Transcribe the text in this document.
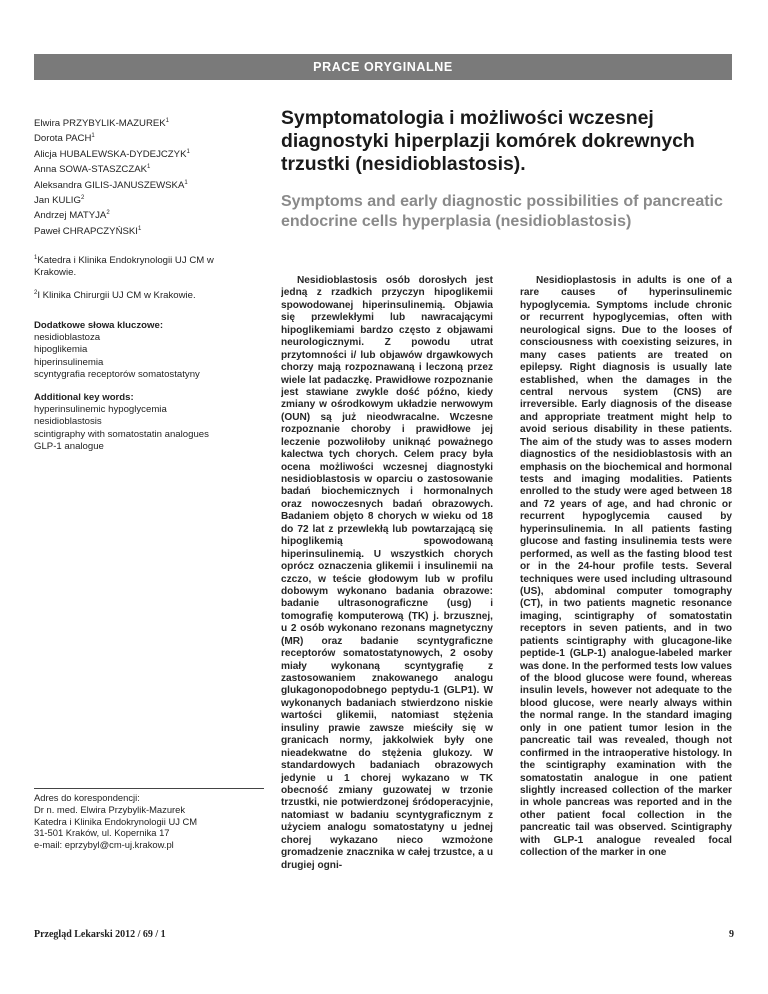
PRACE ORYGINALNE
Elwira PRZYBYLIK-MAZUREK$^1$
Dorota PACH$^1$
Alicja HUBALEWSKA-DYDEJCZYK$^1$
Anna SOWA-STASZCZAK$^1$
Aleksandra GILIS-JANUSZEWSKA$^1$
Jan KULIG$^2$
Andrzej MATYJA$^2$
Paweł CHRAPCZYŃSKI$^1$
Symptomatologia i możliwości wczesnej diagnostyki hiperplazji komórek dokrewnych trzustki (nesidioblastosis).
Symptoms and early diagnostic possibilities of pancreatic endocrine cells hyperplasia (nesidioblastosis)
$^1$Katedra i Klinika Endokrynologii UJ CM w Krakowie.
$^2$I Klinika Chirurgii UJ CM w Krakowie.
Dodatkowe słowa kluczowe:
nesidioblastoza
hipoglikemia
hiperinsulinemia
scyntygrafia receptorów somatostatyny
Additional key words:
hyperinsulinemic hypoglycemia
nesidioblastosis
scintigraphy with somatostatin analogues
GLP-1 analogue
Adres do korespondencji:
Dr n. med. Elwira Przybylik-Mazurek
Katedra i Klinika Endokrynologii UJ CM
31-501 Kraków, ul. Kopernika 17
e-mail: eprzybyl@cm-uj.krakow.pl

Nesidioblastosis osób dorosłych jest jedną z rzadkich przyczyn hipoglikemii spowodowanej hiperinsulinemią. Objawia się przewlekłymi lub nawracającymi hipoglikemiami bardzo często z objawami neurologicznymi. Z powodu utrat przytomności i/ lub objawów drgawkowych chorzy mają rozpoznawaną i leczoną przez wiele lat padaczkę. Prawidłowe rozpoznanie jest stawiane zwykle dość późno, kiedy zmiany w ośrodkowym układzie nerwowym (OUN) są już nieodwracalne. Wczesne rozpoznanie choroby i prawidłowe jej leczenie pozwoliłoby uniknąć poważnego kalectwa tych chorych. Celem pracy była ocena możliwości wczesnej diagnostyki nesidioblastosis w oparciu o zastosowanie badań biochemicznych i hormonalnych oraz nowoczesnych badań obrazowych. Badaniem objęto 8 chorych w wieku od 18 do 72 lat z przewlekłą lub powtarzającą się hipoglikemią spowodowaną hiperinsulinemią. U wszystkich chorych oprócz oznaczenia glikemii i insulinemii na czczo, w teście głodowym lub w profilu dobowym wykonano badania obrazowe: badanie ultrasonograficzne (usg) i tomografię komputerową (TK) j. brzusznej, u 2 osób wykonano rezonans magnetyczny (MR) oraz badanie scyntygraficzne receptorów somatostatynowych, 2 osoby miały wykonaną scyntygrafię z zastosowaniem znakowanego analogu glukagonopodobnego peptydu-1 (GLP1). W wykonanych badaniach stwierdzono niskie wartości glikemii, natomiast stężenia insuliny prawie zawsze mieściły się w granicach normy, jakkolwiek były one nieadekwatne do stężenia glukozy. W standardowych badaniach obrazowych jedynie u 1 chorej wykazano w TK obecność zmiany guzowatej w trzonie trzustki, nie potwierdzonej śródoperacyjnie, natomiast w badaniu scyntygraficznym z użyciem analogu somatostatyny u jednej chorej wykazano nieco wzmożone gromadzenie znacznika w całej trzustce, a u drugiej ogni-

Nesidioplastosis in adults is one of a rare causes of hyperinsulinemic hypoglycemia. Symptoms include chronic or recurrent hypoglycemias, often with neurological signs. Due to the looses of consciousness with coexisting seizures, in many cases patients are treated on epilepsy. Right diagnosis is usually late established, when the damages in the central nervous system (CNS) are irreversible. Early diagnosis of the disease and appropriate treatment might help to avoid serious disability in these patients. The aim of the study was to asses modern diagnostics of the nesidioblastosis with an emphasis on the biochemical and hormonal tests and imaging modalities. Patients enrolled to the study were aged between 18 and 72 years of age, and had chronic or recurrent hypoglycemia caused by hyperinsulinemia. In all patients fasting glucose and fasting insulinemia tests were performed, as well as the fasting blood test or in the 24-hour profile tests. Several techniques were used including ultrasound (US), abdominal computer tomography (CT), in two patients magnetic resonance imaging, scintigraphy of somatostatin receptors in seven patients, and in two patients scintigraphy with glucagone-like peptide-1 (GLP-1) analogue-labeled marker was done. In the performed tests low values of the blood glucose were found, whereas insulin levels, however not adequate to the blood glucose, were nearly always within the normal range. In the standard imaging only in one patient tumor lesion in the pancreatic tail was revealed, though not confirmed in the intraoperative histology. In the scintigraphy examination with the somatostatin analogue in one patient slightly increased collection of the marker in whole pancreas was reported and in the other patient focal collection in the pancreatic tail was observed. Scintigraphy with GLP-1 analogue revealed focal collection of the marker in one

Przegląd Lekarski 2012 / 69 / 1	9
